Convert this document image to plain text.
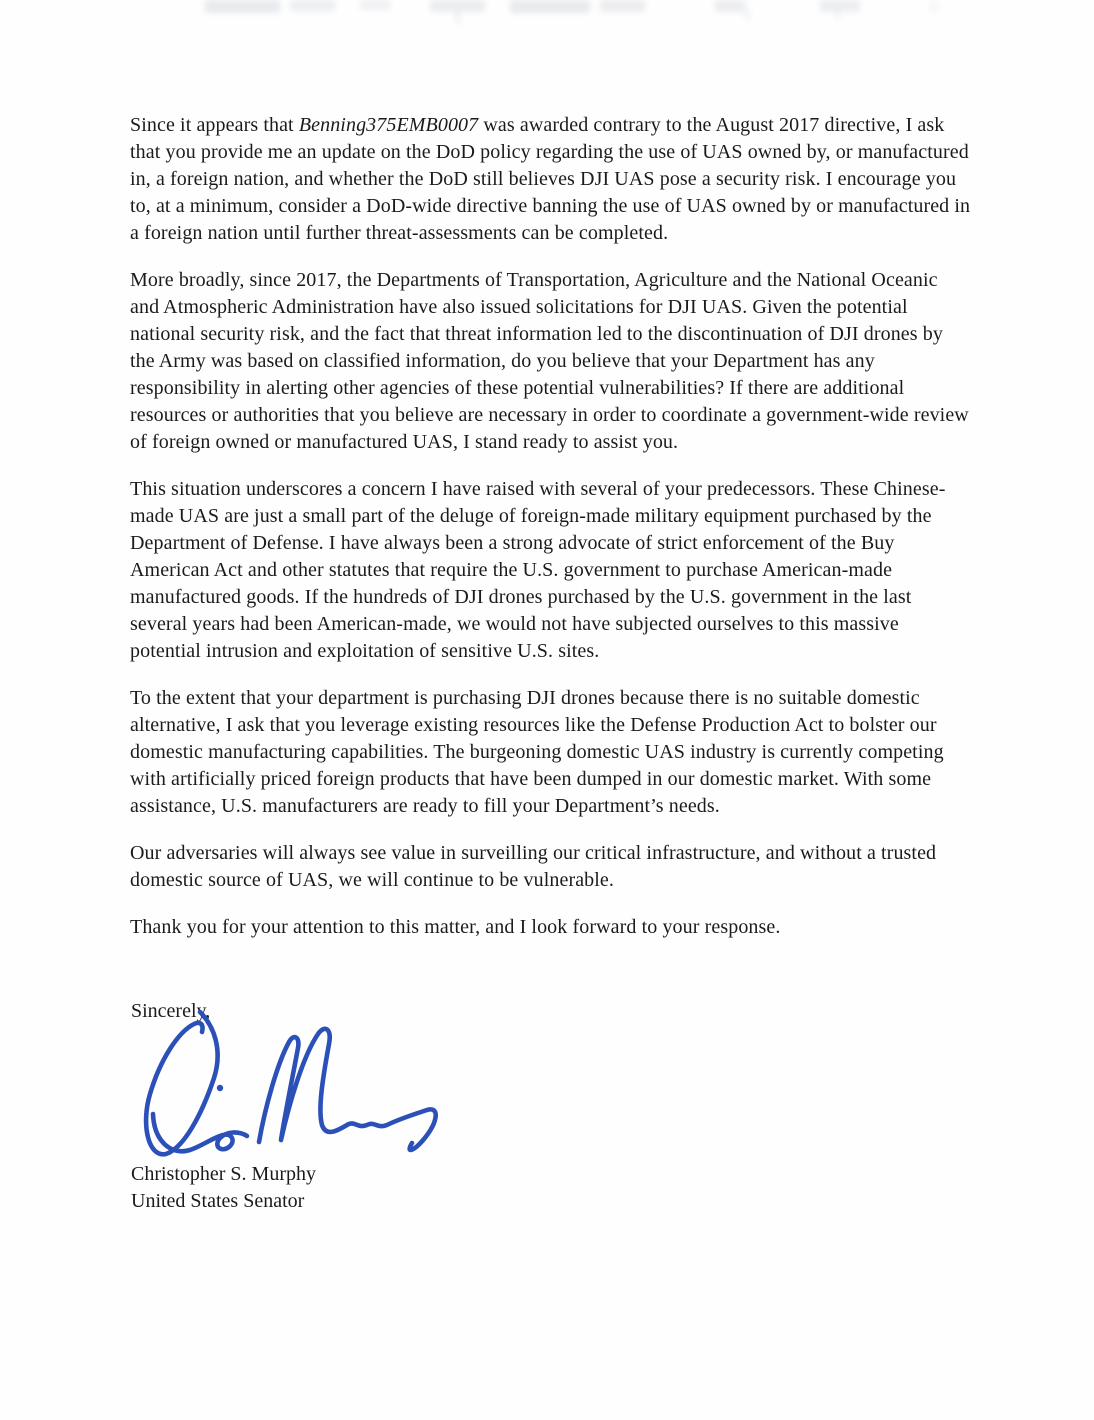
Since it appears that Benning375EMB0007 was awarded contrary to the August 2017 directive, I ask that you provide me an update on the DoD policy regarding the use of UAS owned by, or manufactured in, a foreign nation, and whether the DoD still believes DJI UAS pose a security risk. I encourage you to, at a minimum, consider a DoD-wide directive banning the use of UAS owned by or manufactured in a foreign nation until further threat-assessments can be completed.

More broadly, since 2017, the Departments of Transportation, Agriculture and the National Oceanic and Atmospheric Administration have also issued solicitations for DJI UAS. Given the potential national security risk, and the fact that threat information led to the discontinuation of DJI drones by the Army was based on classified information, do you believe that your Department has any responsibility in alerting other agencies of these potential vulnerabilities? If there are additional resources or authorities that you believe are necessary in order to coordinate a government-wide review of foreign owned or manufactured UAS, I stand ready to assist you.

This situation underscores a concern I have raised with several of your predecessors. These Chinese-made UAS are just a small part of the deluge of foreign-made military equipment purchased by the Department of Defense. I have always been a strong advocate of strict enforcement of the Buy American Act and other statutes that require the U.S. government to purchase American-made manufactured goods. If the hundreds of DJI drones purchased by the U.S. government in the last several years had been American-made, we would not have subjected ourselves to this massive potential intrusion and exploitation of sensitive U.S. sites.

To the extent that your department is purchasing DJI drones because there is no suitable domestic alternative, I ask that you leverage existing resources like the Defense Production Act to bolster our domestic manufacturing capabilities. The burgeoning domestic UAS industry is currently competing with artificially priced foreign products that have been dumped in our domestic market. With some assistance, U.S. manufacturers are ready to fill your Department’s needs.

Our adversaries will always see value in surveilling our critical infrastructure, and without a trusted domestic source of UAS, we will continue to be vulnerable.

Thank you for your attention to this matter, and I look forward to your response.

Sincerely,
Christopher S. Murphy
United States Senator
